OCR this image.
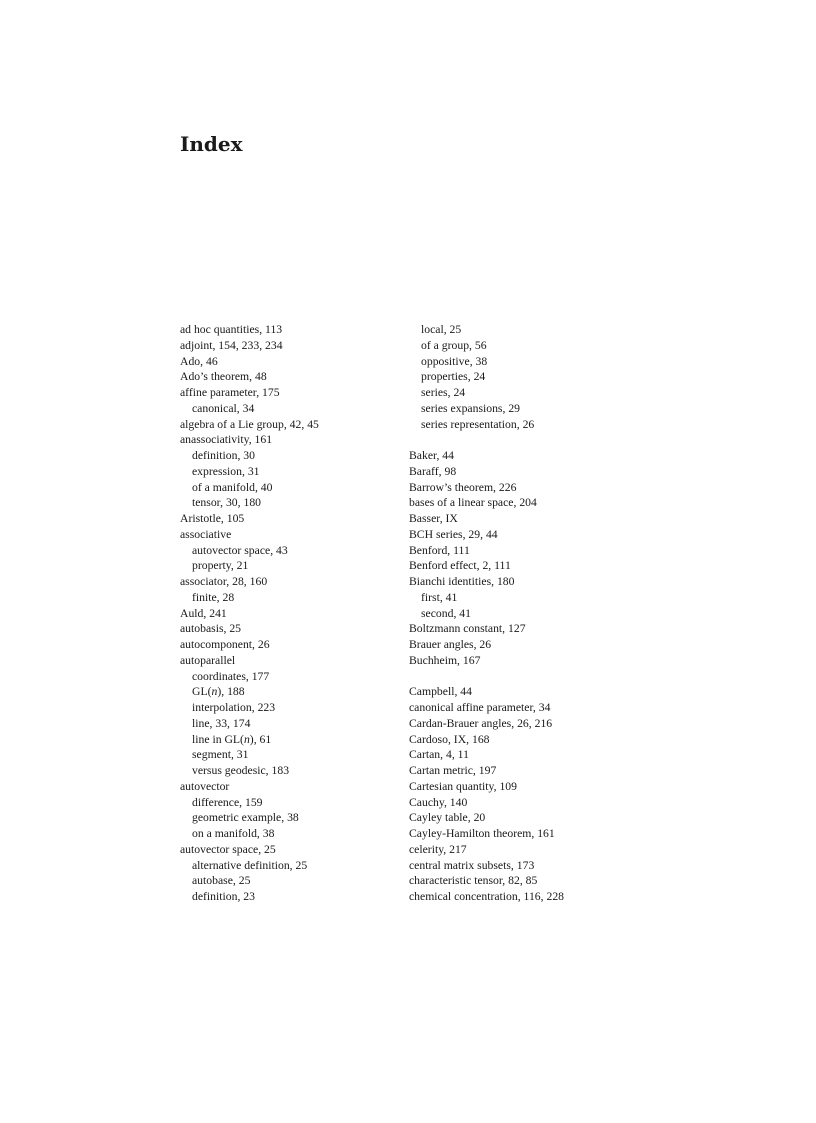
Index
ad hoc quantities, 113
adjoint, 154, 233, 234
Ado, 46
Ado’s theorem, 48
affine parameter, 175
canonical, 34
algebra of a Lie group, 42, 45
anassociativity, 161
definition, 30
expression, 31
of a manifold, 40
tensor, 30, 180
Aristotle, 105
associative
autovector space, 43
property, 21
associator, 28, 160
finite, 28
Auld, 241
autobasis, 25
autocomponent, 26
autoparallel
coordinates, 177
GL(n), 188
interpolation, 223
line, 33, 174
line in GL(n), 61
segment, 31
versus geodesic, 183
autovector
difference, 159
geometric example, 38
on a manifold, 38
autovector space, 25
alternative definition, 25
autobase, 25
definition, 23
local, 25
of a group, 56
oppositive, 38
properties, 24
series, 24
series expansions, 29
series representation, 26
Baker, 44
Baraff, 98
Barrow’s theorem, 226
bases of a linear space, 204
Basser, IX
BCH series, 29, 44
Benford, 111
Benford effect, 2, 111
Bianchi identities, 180
first, 41
second, 41
Boltzmann constant, 127
Brauer angles, 26
Buchheim, 167
Campbell, 44
canonical affine parameter, 34
Cardan-Brauer angles, 26, 216
Cardoso, IX, 168
Cartan, 4, 11
Cartan metric, 197
Cartesian quantity, 109
Cauchy, 140
Cayley table, 20
Cayley-Hamilton theorem, 161
celerity, 217
central matrix subsets, 173
characteristic tensor, 82, 85
chemical concentration, 116, 228
